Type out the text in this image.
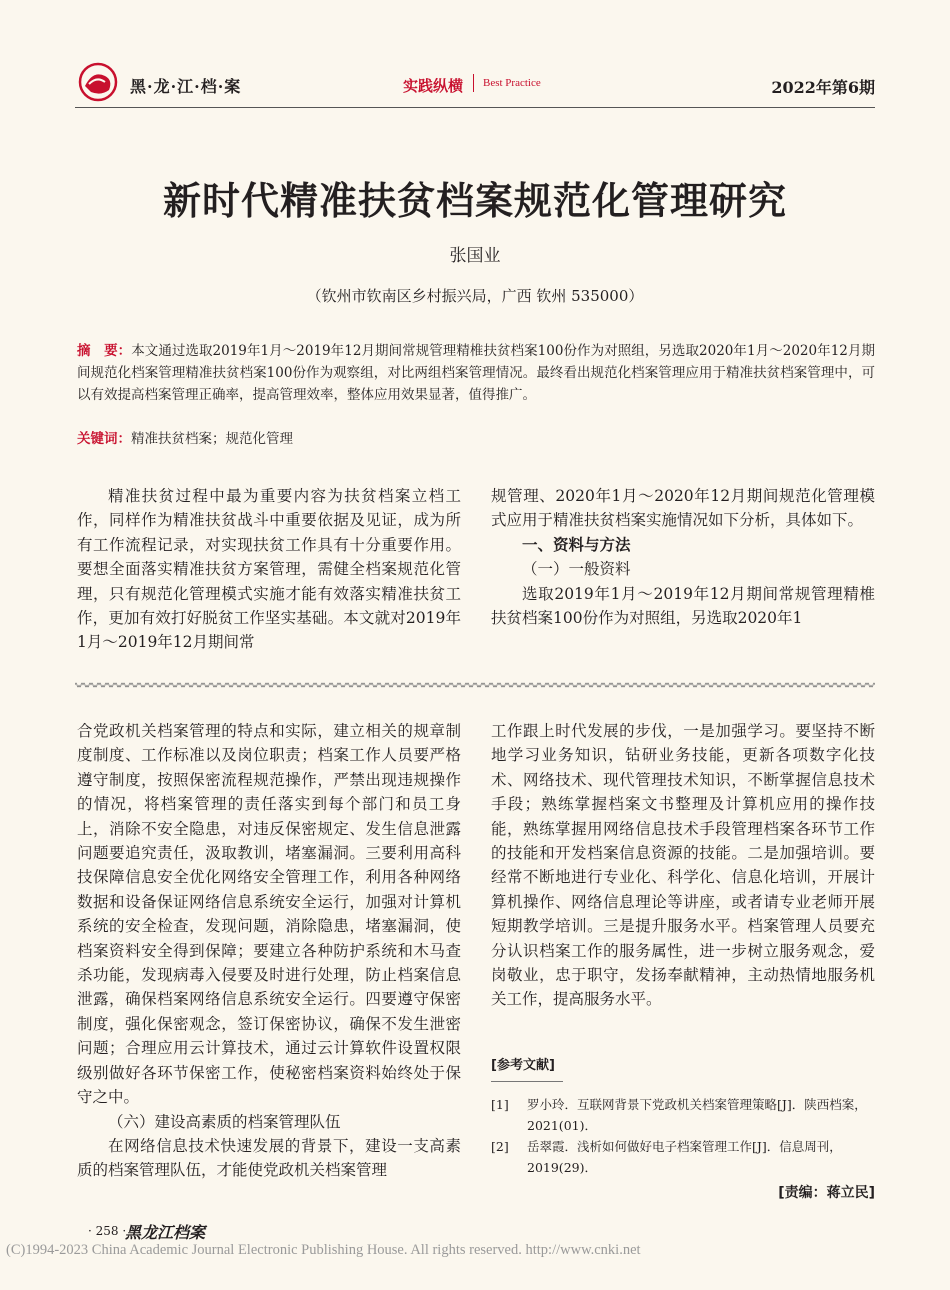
黑·龙·江·档·案	实践纵横 Best Practice	2022年第6期
新时代精准扶贫档案规范化管理研究
张国业
（钦州市钦南区乡村振兴局，广西 钦州 535000）
摘　要：本文通过选取2019年1月～2019年12月期间常规管理精椎扶贫档案100份作为对照组，另选取2020年1月～2020年12月期间规范化档案管理精准扶贫档案100份作为观察组，对比两组档案管理情况。最终看出规范化档案管理应用于精准扶贫档案管理中，可以有效提高档案管理正确率，提高管理效率，整体应用效果显著，值得推广。
关键词：精准扶贫档案；规范化管理

精准扶贫过程中最为重要内容为扶贫档案立档工作，同样作为精准扶贫战斗中重要依据及见证，成为所有工作流程记录，对实现扶贫工作具有十分重要作用。要想全面落实精准扶贫方案管理，需健全档案规范化管理，只有规范化管理模式实施才能有效落实精准扶贫工作，更加有效打好脱贫工作坚实基础。本文就对2019年1月～2019年12月期间常

规管理、2020年1月～2020年12月期间规范化管理模式应用于精准扶贫档案实施情况如下分析，具体如下。

一、资料与方法

（一）一般资料

选取2019年1月～2019年12月期间常规管理精椎扶贫档案100份作为对照组，另选取2020年1

合党政机关档案管理的特点和实际，建立相关的规章制度制度、工作标准以及岗位职责；档案工作人员要严格遵守制度，按照保密流程规范操作，严禁出现违规操作的情况，将档案管理的责任落实到每个部门和员工身上，消除不安全隐患，对违反保密规定、发生信息泄露问题要追究责任，汲取教训，堵塞漏洞。三要利用高科技保障信息安全优化网络安全管理工作，利用各种网络数据和设备保证网络信息系统安全运行，加强对计算机系统的安全检查，发现问题，消除隐患，堵塞漏洞，使档案资料安全得到保障；要建立各种防护系统和木马查杀功能，发现病毒入侵要及时进行处理，防止档案信息泄露，确保档案网络信息系统安全运行。四要遵守保密制度，强化保密观念，签订保密协议，确保不发生泄密问题；合理应用云计算技术，通过云计算软件设置权限级别做好各环节保密工作，使秘密档案资料始终处于保守之中。

（六）建设高素质的档案管理队伍

在网络信息技术快速发展的背景下，建设一支高素质的档案管理队伍，才能使党政机关档案管理

工作跟上时代发展的步伐，一是加强学习。要坚持不断地学习业务知识，钻研业务技能，更新各项数字化技术、网络技术、现代管理技术知识，不断掌握信息技术手段；熟练掌握档案文书整理及计算机应用的操作技能，熟练掌握用网络信息技术手段管理档案各环节工作的技能和开发档案信息资源的技能。二是加强培训。要经常不断地进行专业化、科学化、信息化培训，开展计算机操作、网络信息理论等讲座，或者请专业老师开展短期教学培训。三是提升服务水平。档案管理人员要充分认识档案工作的服务属性，进一步树立服务观念，爱岗敬业，忠于职守，发扬奉献精神，主动热情地服务机关工作，提高服务水平。

[参考文献]
[1]	罗小玲．互联网背景下党政机关档案管理策略[J]．陕西档案，2021(01)．
[2]	岳翠霞．浅析如何做好电子档案管理工作[J]．信息周刊，2019(29)．
[责编：蒋立民]
· 258 ·
黑龙江档案
(C)1994-2023 China Academic Journal Electronic Publishing House. All rights reserved. http://www.cnki.net
